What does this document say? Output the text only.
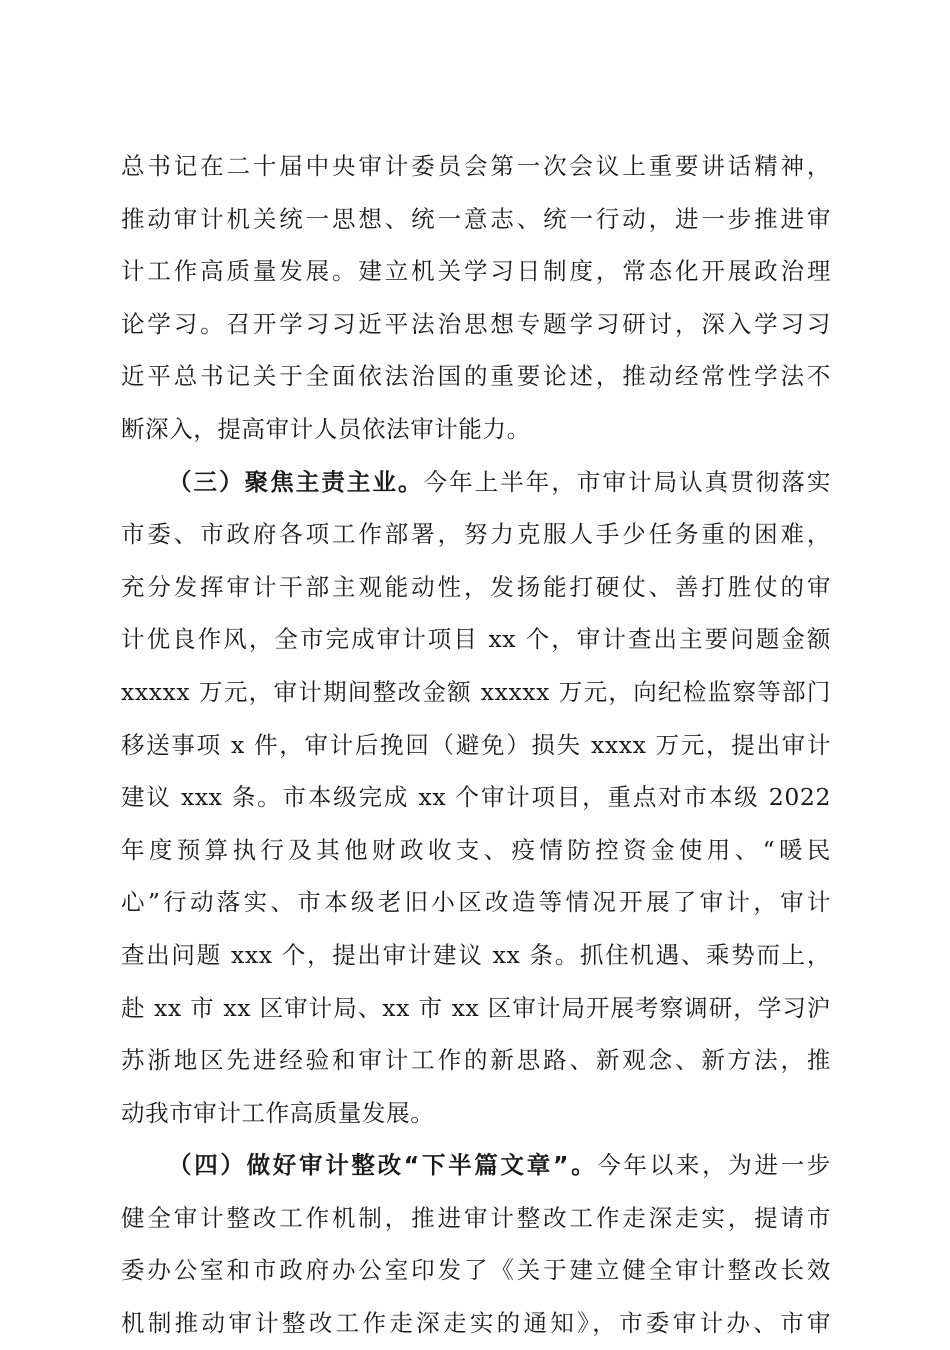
总书记在二十届中央审计委员会第一次会议上重要讲话精神，
推动审计机关统一思想、统一意志、统一行动，进一步推进审
计工作高质量发展。建立机关学习日制度，常态化开展政治理
论学习。召开学习习近平法治思想专题学习研讨，深入学习习
近平总书记关于全面依法治国的重要论述，推动经常性学法不
断深入，提高审计人员依法审计能力。
（三）聚焦主责主业。今年上半年，市审计局认真贯彻落实
市委、市政府各项工作部署，努力克服人手少任务重的困难，
充分发挥审计干部主观能动性，发扬能打硬仗、善打胜仗的审
计优良作风，全市完成审计项目 xx 个，审计查出主要问题金额
xxxxx 万元，审计期间整改金额 xxxxx 万元，向纪检监察等部门
移送事项 x 件，审计后挽回（避免）损失 xxxx 万元，提出审计
建议 xxx 条。市本级完成 xx 个审计项目，重点对市本级 2022
年度预算执行及其他财政收支、疫情防控资金使用、“暖民
心”行动落实、市本级老旧小区改造等情况开展了审计，审计
查出问题 xxx 个，提出审计建议 xx 条。抓住机遇、乘势而上，
赴 xx 市 xx 区审计局、xx 市 xx 区审计局开展考察调研，学习沪
苏浙地区先进经验和审计工作的新思路、新观念、新方法，推
动我市审计工作高质量发展。
（四）做好审计整改“下半篇文章”。今年以来，为进一步
健全审计整改工作机制，推进审计整改工作走深走实，提请市
委办公室和市政府办公室印发了《关于建立健全审计整改长效
机制推动审计整改工作走深走实的通知》，市委审计办、市审
